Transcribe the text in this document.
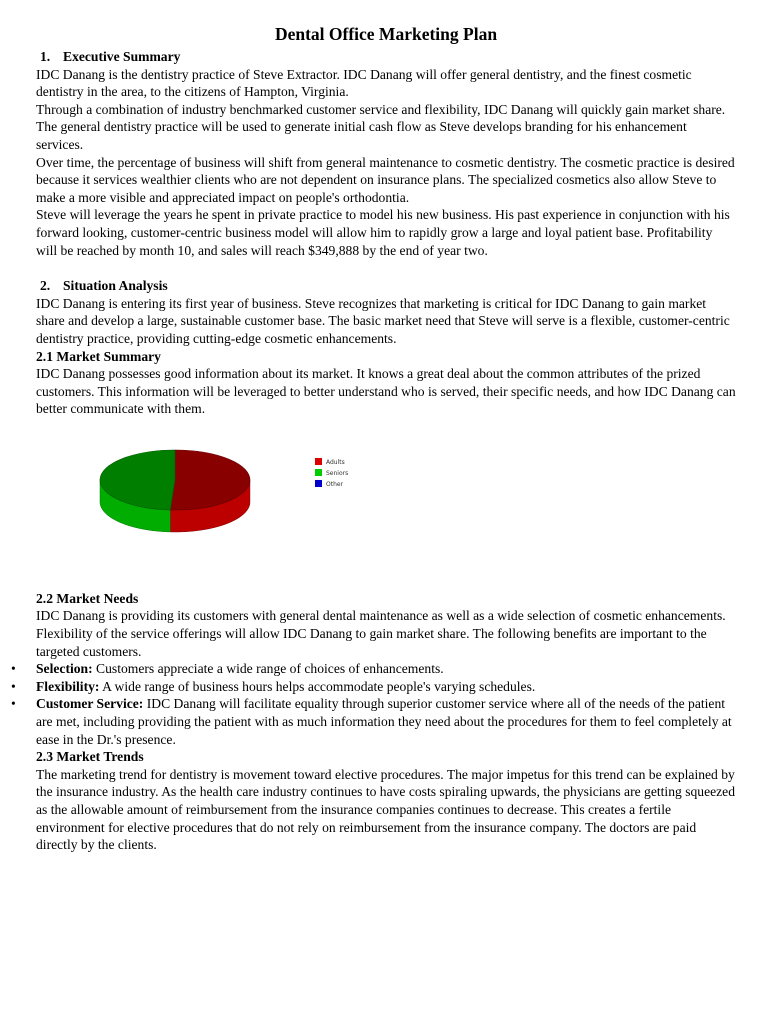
Dental Office Marketing Plan
1. Executive Summary

IDC Danang is the dentistry practice of Steve Extractor. IDC Danang will offer general dentistry, and the finest cosmetic dentistry in the area, to the citizens of Hampton, Virginia.

Through a combination of industry benchmarked customer service and flexibility, IDC Danang will quickly gain market share. The general dentistry practice will be used to generate initial cash flow as Steve develops branding for his enhancement services.

Over time, the percentage of business will shift from general maintenance to cosmetic dentistry. The cosmetic practice is desired because it services wealthier clients who are not dependent on insurance plans. The specialized cosmetics also allow Steve to make a more visible and appreciated impact on people's orthodontia.

Steve will leverage the years he spent in private practice to model his new business. His past experience in conjunction with his forward looking, customer-centric business model will allow him to rapidly grow a large and loyal patient base. Profitability will be reached by month 10, and sales will reach $349,888 by the end of year two.

2. Situation Analysis

IDC Danang is entering its first year of business. Steve recognizes that marketing is critical for IDC Danang to gain market share and develop a large, sustainable customer base. The basic market need that Steve will serve is a flexible, customer-centric dentistry practice, providing cutting-edge cosmetic enhancements.

2.1 Market Summary

IDC Danang possesses good information about its market. It knows a great deal about the common attributes of the prized customers. This information will be leveraged to better understand who is served, their specific needs, and how IDC Danang can better communicate with them.

Adults
Seniors
Other
2.2 Market Needs

IDC Danang is providing its customers with general dental maintenance as well as a wide selection of cosmetic enhancements. Flexibility of the service offerings will allow IDC Danang to gain market share. The following benefits are important to the targeted customers.

• Selection: Customers appreciate a wide range of choices of enhancements.
• Flexibility: A wide range of business hours helps accommodate people's varying schedules.
• Customer Service: IDC Danang will facilitate equality through superior customer service where all of the needs of the patient are met, including providing the patient with as much information they need about the procedures for them to feel completely at ease in the Dr.'s presence.
2.3 Market Trends

The marketing trend for dentistry is movement toward elective procedures. The major impetus for this trend can be explained by the insurance industry. As the health care industry continues to have costs spiraling upwards, the physicians are getting squeezed as the allowable amount of reimbursement from the insurance companies continues to decrease. This creates a fertile environment for elective procedures that do not rely on reimbursement from the insurance company. The doctors are paid directly by the clients.
